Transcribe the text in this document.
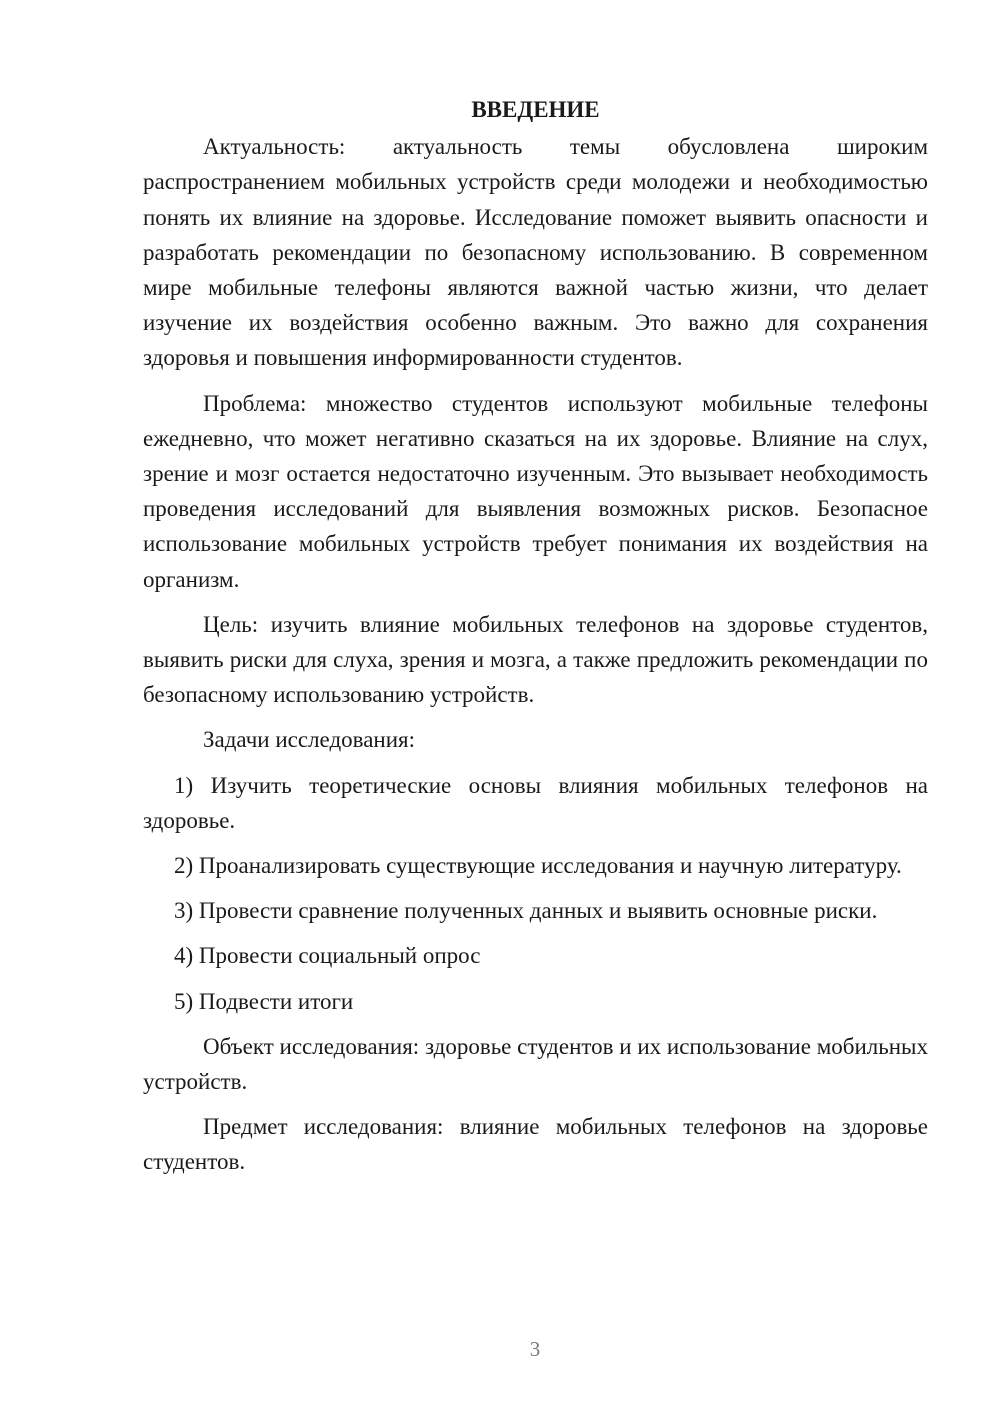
ВВЕДЕНИЕ

Актуальность: актуальность темы обусловлена широким распространением мобильных устройств среди молодежи и необходимостью понять их влияние на здоровье. Исследование поможет выявить опасности и разработать рекомендации по безопасному использованию. В современном мире мобильные телефоны являются важной частью жизни, что делает изучение их воздействия особенно важным. Это важно для сохранения здоровья и повышения информированности студентов.

Проблема: множество студентов используют мобильные телефоны ежедневно, что может негативно сказаться на их здоровье. Влияние на слух, зрение и мозг остается недостаточно изученным. Это вызывает необходимость проведения исследований для выявления возможных рисков. Безопасное использование мобильных устройств требует понимания их воздействия на организм.

Цель: изучить влияние мобильных телефонов на здоровье студентов, выявить риски для слуха, зрения и мозга, а также предложить рекомендации по безопасному использованию устройств.

Задачи исследования:

1) Изучить теоретические основы влияния мобильных телефонов на здоровье.

2) Проанализировать существующие исследования и научную литературу.

3) Провести сравнение полученных данных и выявить основные риски.

4) Провести социальный опрос

5) Подвести итоги

Объект исследования: здоровье студентов и их использование мобильных устройств.

Предмет исследования: влияние мобильных телефонов на здоровье студентов.

3
